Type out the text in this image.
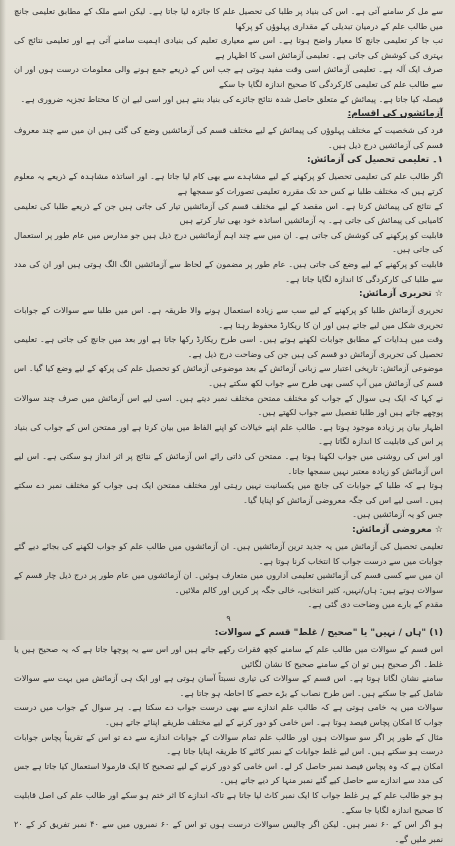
سے مل کر سامنے آتی ہے۔ اس کی بنیاد پر طلبا کی تحصیل علم کا جائزہ لیا جاتا ہے۔ لیکن اسے ملک کے مطابق تعلیمی جانچ میں طالب علم کے درمیان تبدیلی کے مقداری پہلوؤں کو پرکھا

تب جا کر تعلیمی جانچ کا معیار واضح ہوتا ہے۔ اس سے معیاری تعلیم کی بنیادی اہمیت سامنے آتی ہے اور تعلیمی نتائج کی بہتری کی کوشش کی جاتی ہے۔ تعلیمی آزمائش اسی کا اظہار ہے

صرف ایک آلہ ہے۔ تعلیمی آزمائش اسی وقت مفید ہوتی ہے جب اس کے ذریعے جمع ہونے والی معلومات درست ہوں اور ان سے طالب علم کی تعلیمی کارکردگی کا صحیح اندازہ لگایا جا سکے

فیصلہ کیا جاتا ہے۔ پیمائش کے متعلق حاصل شدہ نتائج جائزے کی بنیاد بنتے ہیں اور اسی لیے ان کا محتاط تجزیہ ضروری ہے۔

آزمائشوں کی اقسام:

فرد کی شخصیت کے مختلف پہلوؤں کی پیمائش کے لیے مختلف قسم کی آزمائشیں وضع کی گئی ہیں ان میں سے چند معروف قسم کی آزمائشیں درج ذیل ہیں۔

۱۔ تعلیمی تحصیل کی آزمائش:

اگر طالب علم کی تعلیمی تحصیل کو پرکھنے کے لیے مشاہدے سے بھی کام لیا جاتا ہے۔ اور اساتذہ مشاہدہ کے ذریعے یہ معلوم کرتے ہیں کہ مختلف طلبا نے کس حد تک مقررہ تعلیمی تصورات کو سمجھا ہے

کے نتائج کی پیمائش کرتا ہے۔ اس مقصد کے لیے مختلف قسم کی آزمائشیں تیار کی جاتی ہیں جن کے ذریعے طلبا کی تعلیمی کامیابی کی پیمائش کی جاتی ہے۔ یہ آزمائشیں اساتذہ خود بھی تیار کرتے ہیں

قابلیت کو پرکھنے کی کوشش کی جاتی ہے۔ ان میں سے چند اہم آزمائشیں درج ذیل ہیں جو مدارس میں عام طور پر استعمال کی جاتی ہیں۔

قابلیت کو پرکھنے کے لیے وضع کی جاتی ہیں۔ عام طور پر مضمون کے لحاظ سے آزمائشیں الگ الگ ہوتی ہیں اور ان کی مدد سے طلبا کی کارکردگی کا اندازہ لگایا جاتا ہے۔

☆ تحریری آزمائش:

تحریری آزمائش طلبا کو پرکھنے کے لیے سب سے زیادہ استعمال ہونے والا طریقہ ہے۔ اس میں طلبا سے سوالات کے جوابات تحریری شکل میں لیے جاتے ہیں اور ان کا ریکارڈ محفوظ رہتا ہے۔

وقت میں ہدایات کے مطابق جوابات لکھنے ہوتے ہیں۔ اسی طرح ریکارڈ رکھا جاتا ہے اور بعد میں جانچ کی جاتی ہے۔ تعلیمی تحصیل کی تحریری آزمائش دو قسم کی ہیں جن کی وضاحت درج ذیل ہے۔

موضوعی آزمائش: تاریخی اعتبار سے زبانی آزمائش کے بعد موضوعی آزمائش کو تحصیل علم کی پرکھ کے لیے وضع کیا گیا۔ اس قسم کی آزمائش میں آپ کسی بھی طرح سے جواب لکھ سکتے ہیں۔

نے کہا کہ ایک ہی سوال کے جواب کو مختلف ممتحن مختلف نمبر دیتے ہیں۔ اسی لیے اس آزمائش میں صرف چند سوالات پوچھے جاتے ہیں اور طلبا تفصیل سے جواب لکھتے ہیں۔

اظہار بیان پر زیادہ موجود ہوتا ہے۔ طالب علم اپنے خیالات کو اپنے الفاظ میں بیان کرتا ہے اور ممتحن اس کے جواب کی بنیاد پر اس کی قابلیت کا اندازہ لگاتا ہے۔

اور اس کی روشنی میں جواب لکھنا ہوتا ہے۔ ممتحن کی ذاتی رائے اس آزمائش کے نتائج پر اثر انداز ہو سکتی ہے۔ اس لیے اس آزمائش کو زیادہ معتبر نہیں سمجھا جاتا۔

ہوتا ہے کہ طلبا کے جوابات کی جانچ میں یکسانیت نہیں رہتی اور مختلف ممتحن ایک ہی جواب کو مختلف نمبر دے سکتے ہیں۔ اسی لیے اس کی جگہ معروضی آزمائش کو اپنایا گیا۔

جس کو یہ آزمائشیں ہیں۔

☆ معروضی آزمائش:

تعلیمی تحصیل کی آزمائش میں یہ جدید ترین آزمائشیں ہیں۔ ان آزمائشوں میں طالب علم کو جواب لکھنے کی بجائے دیے گئے جوابات میں سے درست جواب کا انتخاب کرنا ہوتا ہے۔

ان میں سے کسی قسم کی آزمائشیں تعلیمی اداروں میں متعارف ہوئیں۔ ان آزمائشوں میں عام طور پر درج ذیل چار قسم کے سوالات ہوتے ہیں: ہاں/نہیں، کثیر انتخابی، خالی جگہ پر کریں اور کالم ملائیں۔

مقدم کے بارے میں وضاحت دی گئی ہے۔

۹

(۱) "ہاں / نہیں" یا "صحیح / غلط" قسم کے سوالات:

اس قسم کے سوالات میں طالب علم کے سامنے کچھ فقرات رکھے جاتے ہیں اور اس سے یہ پوچھا جاتا ہے کہ یہ صحیح ہیں یا غلط۔ اگر صحیح ہیں تو ان کے سامنے صحیح کا نشان لگائیں

سامنے نشان لگانا ہوتا ہے۔ اس قسم کے سوالات کی تیاری نسبتاً آسان ہوتی ہے اور ایک ہی آزمائش میں بہت سے سوالات شامل کیے جا سکتے ہیں۔ اس طرح نصاب کے بڑے حصے کا احاطہ ہو جاتا ہے۔

سوالات میں یہ خامی ہوتی ہے کہ طالب علم اندازے سے بھی درست جواب دے سکتا ہے۔ ہر سوال کے جواب میں درست جواب کا امکان پچاس فیصد ہوتا ہے۔ اس خامی کو دور کرنے کے لیے مختلف طریقے اپنائے جاتے ہیں۔

مثال کے طور پر اگر سو سوالات ہوں اور طالب علم تمام سوالات کے جوابات اندازے سے دے تو اس کے تقریباً پچاس جوابات درست ہو سکتے ہیں۔ اس لیے غلط جوابات کے نمبر کاٹنے کا طریقہ اپنایا جاتا ہے۔

امکان ہے کہ وہ پچاس فیصد نمبر حاصل کر لے۔ اس خامی کو دور کرنے کے لیے تصحیح کا ایک فارمولا استعمال کیا جاتا ہے جس کی مدد سے اندازے سے حاصل کیے گئے نمبر منہا کر دیے جاتے ہیں۔

ہو جو طالب علم کے ہر غلط جواب کا ایک نمبر کاٹ لیا جاتا ہے تاکہ اندازے کا اثر ختم ہو سکے اور طالب علم کی اصل قابلیت کا صحیح اندازہ لگایا جا سکے۔

ہو اگر اس کے ۶۰ نمبر ہیں۔ لیکن اگر چالیس سوالات درست ہوں تو اس کے ۶۰ نمبروں میں سے ۴۰ نمبر تفریق کر کے ۲۰ نمبر ملیں گے۔
